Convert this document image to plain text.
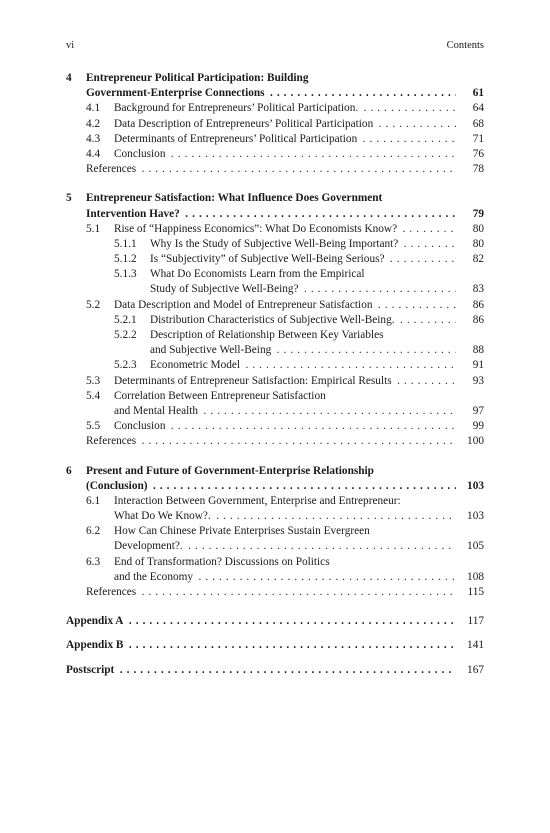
vi	Contents
4 Entrepreneur Political Participation: Building
Government-Enterprise Connections . . .	61
4.1 Background for Entrepreneurs’ Political Participation. . . .	64
4.2 Data Description of Entrepreneurs’ Political Participation . . .	68
4.3 Determinants of Entrepreneurs’ Political Participation . . .	71
4.4 Conclusion . . .	76
References . . .	78
5 Entrepreneur Satisfaction: What Influence Does Government
Intervention Have? . . .	79
5.1 Rise of “Happiness Economics”: What Do Economists Know? . . .	80
5.1.1 Why Is the Study of Subjective Well-Being Important? . . .	80
5.1.2 Is “Subjectivity” of Subjective Well-Being Serious? . . .	82
5.1.3 What Do Economists Learn from the Empirical
Study of Subjective Well-Being? . . .	83
5.2 Data Description and Model of Entrepreneur Satisfaction . . .	86
5.2.1 Distribution Characteristics of Subjective Well-Being. . . .	86
5.2.2 Description of Relationship Between Key Variables
and Subjective Well-Being . . .	88
5.2.3 Econometric Model . . .	91
5.3 Determinants of Entrepreneur Satisfaction: Empirical Results . . .	93
5.4 Correlation Between Entrepreneur Satisfaction
and Mental Health . . .	97
5.5 Conclusion . . .	99
References . . .	100
6 Present and Future of Government-Enterprise Relationship
(Conclusion) . . .	103
6.1 Interaction Between Government, Enterprise and Entrepreneur:
What Do We Know?. . . .	103
6.2 How Can Chinese Private Enterprises Sustain Evergreen
Development?. . . .	105
6.3 End of Transformation? Discussions on Politics
and the Economy . . .	108
References . . .	115
Appendix A . . .	117
Appendix B . . .	141
Postscript . . .	167
